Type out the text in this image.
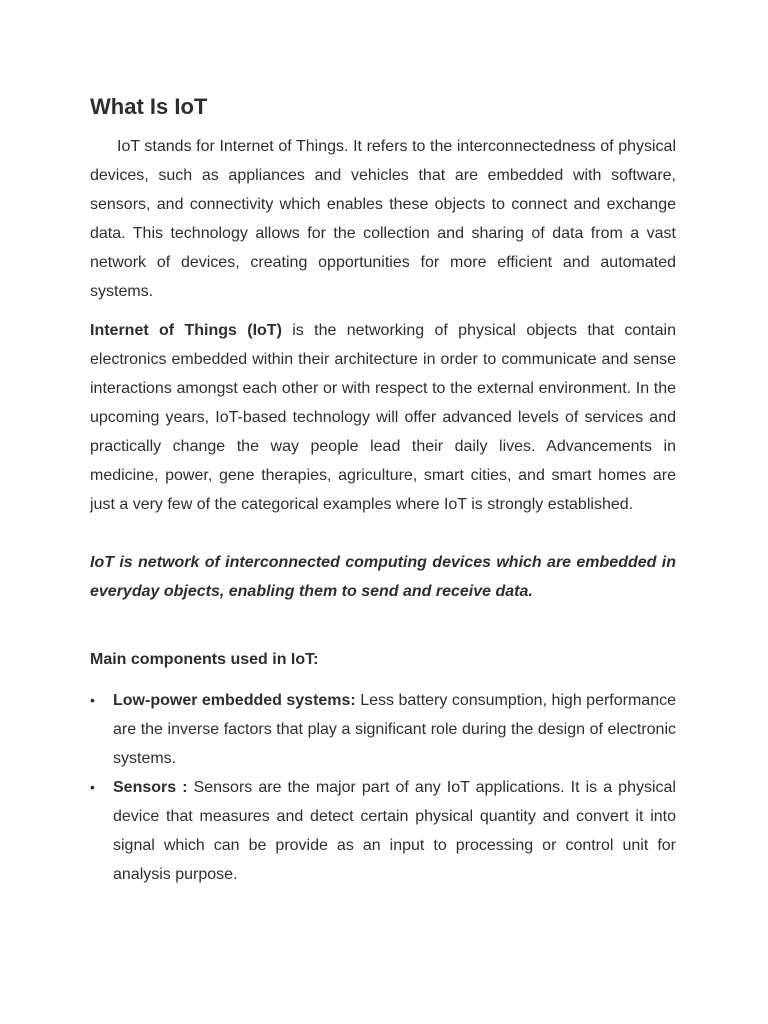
What Is IoT

IoT stands for Internet of Things. It refers to the interconnectedness of physical devices, such as appliances and vehicles that are embedded with software, sensors, and connectivity which enables these objects to connect and exchange data. This technology allows for the collection and sharing of data from a vast network of devices, creating opportunities for more efficient and automated systems.

Internet of Things (IoT) is the networking of physical objects that contain electronics embedded within their architecture in order to communicate and sense interactions amongst each other or with respect to the external environment. In the upcoming years, IoT-based technology will offer advanced levels of services and practically change the way people lead their daily lives. Advancements in medicine, power, gene therapies, agriculture, smart cities, and smart homes are just a very few of the categorical examples where IoT is strongly established.

IoT is network of interconnected computing devices which are embedded in everyday objects, enabling them to send and receive data.

Main components used in IoT:

• Low-power embedded systems: Less battery consumption, high performance are the inverse factors that play a significant role during the design of electronic systems.
• Sensors : Sensors are the major part of any IoT applications. It is a physical device that measures and detect certain physical quantity and convert it into signal which can be provide as an input to processing or control unit for analysis purpose.
